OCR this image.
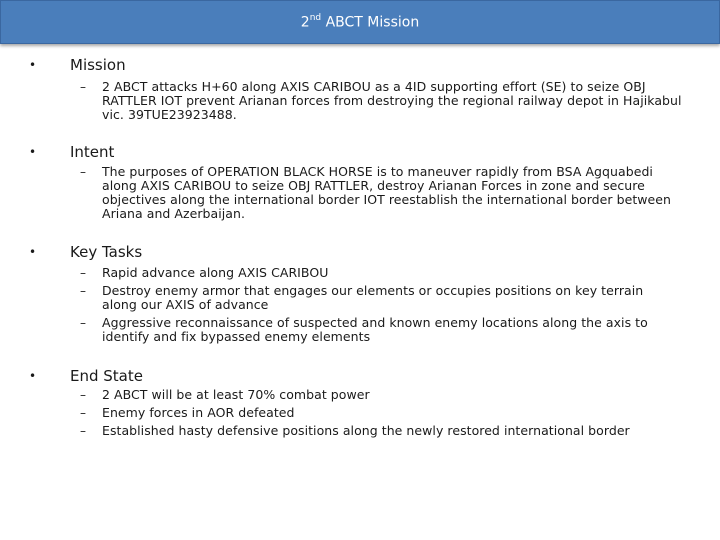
2nd ABCT Mission
• Mission
– 2 ABCT attacks H+60 along AXIS CARIBOU as a 4ID supporting effort (SE) to seize OBJ RATTLER IOT prevent Arianan forces from destroying the regional railway depot in Hajikabul vic. 39TUE23923488.
• Intent
– The purposes of OPERATION BLACK HORSE is to maneuver rapidly from BSA Agquabedi along AXIS CARIBOU to seize OBJ RATTLER, destroy Arianan Forces in zone and secure objectives along the international border IOT reestablish the international border between Ariana and Azerbaijan.
• Key Tasks
– Rapid advance along AXIS CARIBOU
– Destroy enemy armor that engages our elements or occupies positions on key terrain along our AXIS of advance
– Aggressive reconnaissance of suspected and known enemy locations along the axis to identify and fix bypassed enemy elements
• End State
– 2 ABCT will be at least 70% combat power
– Enemy forces in AOR defeated
– Established hasty defensive positions along the newly restored international border
